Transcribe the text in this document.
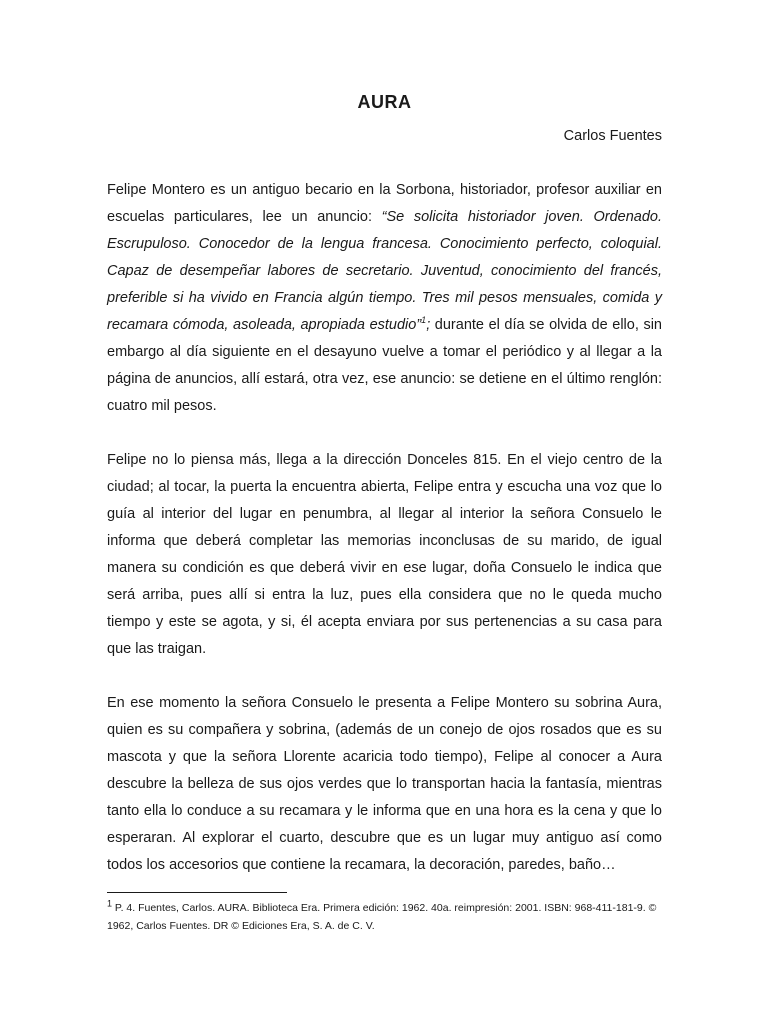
AURA

Carlos Fuentes

Felipe Montero es un antiguo becario en la Sorbona, historiador, profesor auxiliar en escuelas particulares, lee un anuncio: “Se solicita historiador joven. Ordenado. Escrupuloso. Conocedor de la lengua francesa. Conocimiento perfecto, coloquial. Capaz de desempeñar labores de secretario. Juventud, conocimiento del francés, preferible si ha vivido en Francia algún tiempo. Tres mil pesos mensuales, comida y recamara cómoda, asoleada, apropiada estudio”$^1$; durante el día se olvida de ello, sin embargo al día siguiente en el desayuno vuelve a tomar el periódico y al llegar a la página de anuncios, allí estará, otra vez, ese anuncio: se detiene en el último renglón: cuatro mil pesos.

Felipe no lo piensa más, llega a la dirección Donceles 815. En el viejo centro de la ciudad; al tocar, la puerta la encuentra abierta, Felipe entra y escucha una voz que lo guía al interior del lugar en penumbra, al llegar al interior la señora Consuelo le informa que deberá completar las memorias inconclusas de su marido, de igual manera su condición es que deberá vivir en ese lugar, doña Consuelo le indica que será arriba, pues allí si entra la luz, pues ella considera que no le queda mucho tiempo y este se agota, y si, él acepta enviara por sus pertenencias a su casa para que las traigan.

En ese momento la señora Consuelo le presenta a Felipe Montero su sobrina Aura, quien es su compañera y sobrina, (además de un conejo de ojos rosados que es su mascota y que la señora Llorente acaricia todo tiempo), Felipe al conocer a Aura descubre la belleza de sus ojos verdes que lo transportan hacia la fantasía, mientras tanto ella lo conduce a su recamara y le informa que en una hora es la cena y que lo esperaran. Al explorar el cuarto, descubre que es un lugar muy antiguo así como todos los accesorios que contiene la recamara, la decoración, paredes, baño…

$^1$ P. 4. Fuentes, Carlos. AURA. Biblioteca Era. Primera edición: 1962. 40a. reimpresión: 2001. ISBN: 968-411-181-9. © 1962, Carlos Fuentes. DR © Ediciones Era, S. A. de C. V.
